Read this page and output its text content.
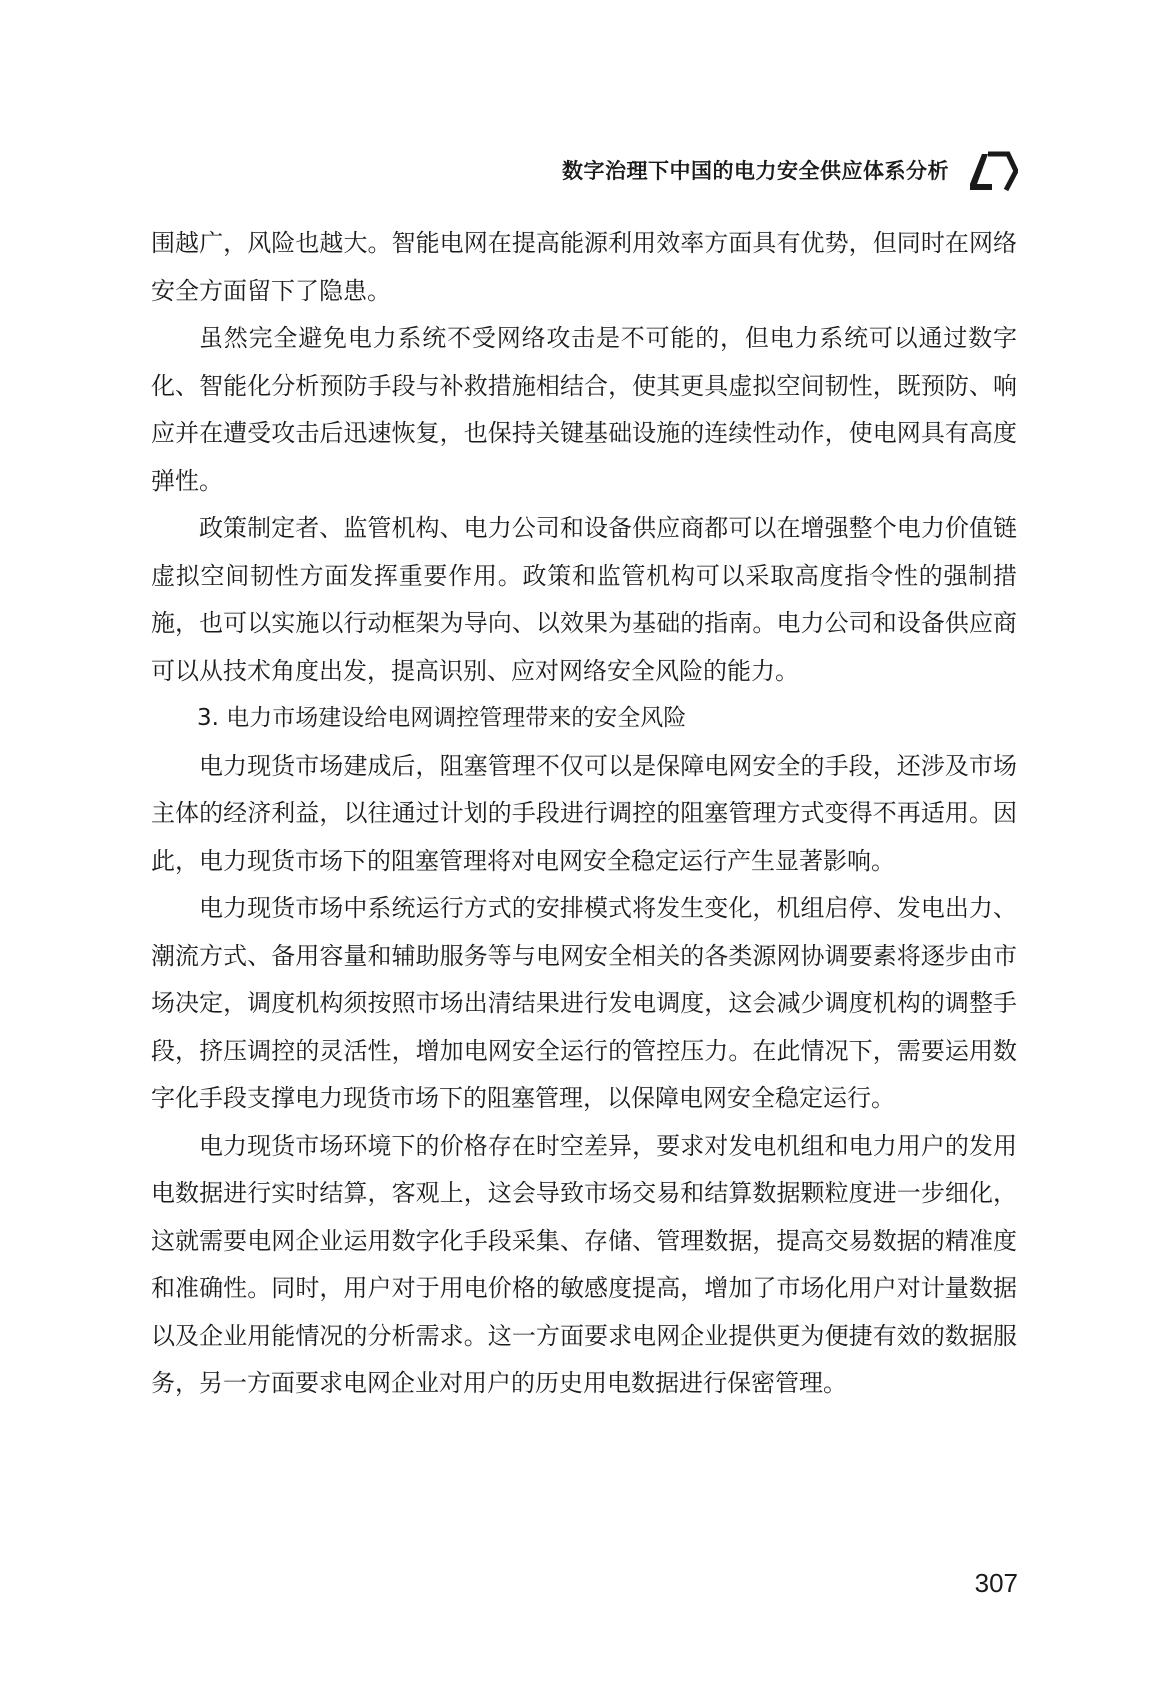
数字治理下中国的电力安全供应体系分析

围越广，风险也越大。智能电网在提高能源利用效率方面具有优势，但同时在网络安全方面留下了隐患。

虽然完全避免电力系统不受网络攻击是不可能的，但电力系统可以通过数字化、智能化分析预防手段与补救措施相结合，使其更具虚拟空间韧性，既预防、响应并在遭受攻击后迅速恢复，也保持关键基础设施的连续性动作，使电网具有高度弹性。

政策制定者、监管机构、电力公司和设备供应商都可以在增强整个电力价值链虚拟空间韧性方面发挥重要作用。政策和监管机构可以采取高度指令性的强制措施，也可以实施以行动框架为导向、以效果为基础的指南。电力公司和设备供应商可以从技术角度出发，提高识别、应对网络安全风险的能力。

3. 电力市场建设给电网调控管理带来的安全风险

电力现货市场建成后，阻塞管理不仅可以是保障电网安全的手段，还涉及市场主体的经济利益，以往通过计划的手段进行调控的阻塞管理方式变得不再适用。因此，电力现货市场下的阻塞管理将对电网安全稳定运行产生显著影响。

电力现货市场中系统运行方式的安排模式将发生变化，机组启停、发电出力、潮流方式、备用容量和辅助服务等与电网安全相关的各类源网协调要素将逐步由市场决定，调度机构须按照市场出清结果进行发电调度，这会减少调度机构的调整手段，挤压调控的灵活性，增加电网安全运行的管控压力。在此情况下，需要运用数字化手段支撑电力现货市场下的阻塞管理，以保障电网安全稳定运行。

电力现货市场环境下的价格存在时空差异，要求对发电机组和电力用户的发用电数据进行实时结算，客观上，这会导致市场交易和结算数据颗粒度进一步细化，这就需要电网企业运用数字化手段采集、存储、管理数据，提高交易数据的精准度和准确性。同时，用户对于用电价格的敏感度提高，增加了市场化用户对计量数据以及企业用能情况的分析需求。这一方面要求电网企业提供更为便捷有效的数据服务，另一方面要求电网企业对用户的历史用电数据进行保密管理。

307
